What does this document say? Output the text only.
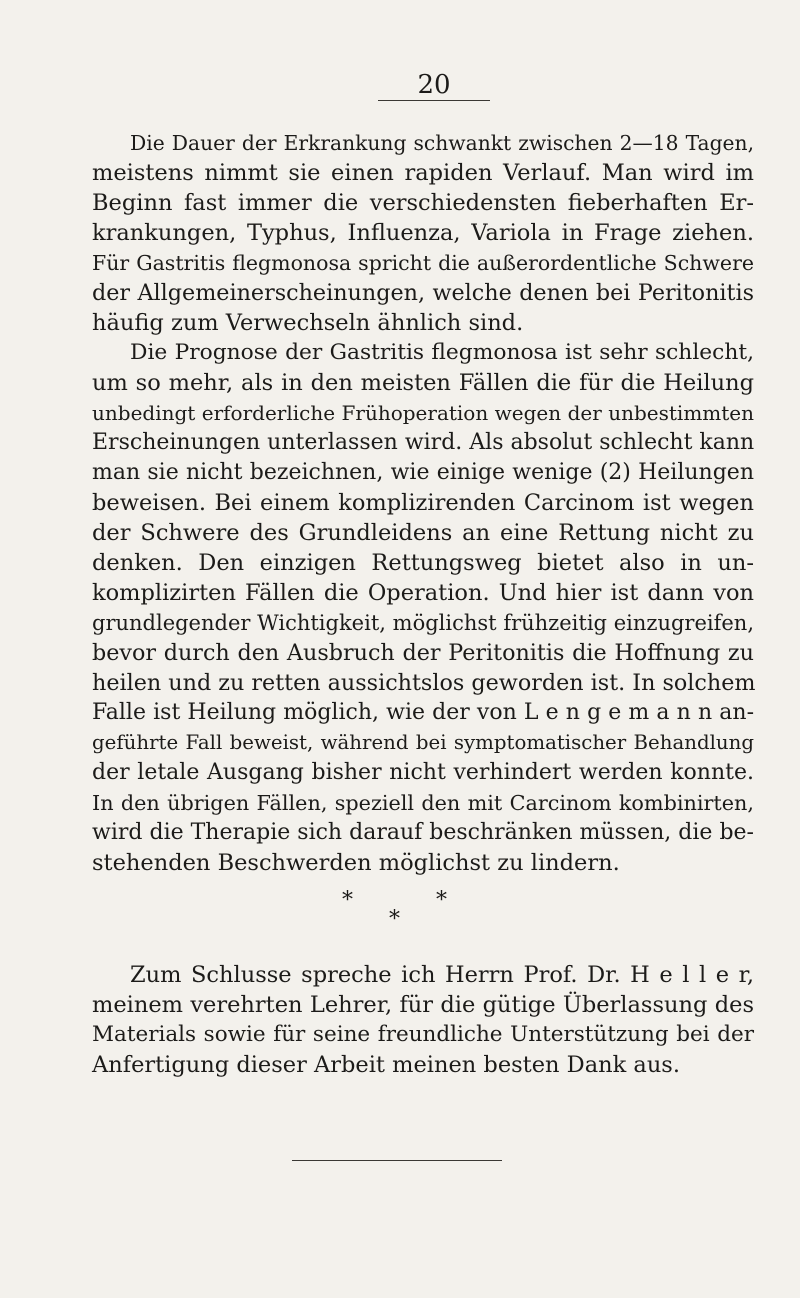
20
Die Dauer der Erkrankung schwankt zwischen 2—18 Tagen,
meistens nimmt sie einen rapiden Verlauf. Man wird im
Beginn fast immer die verschiedensten fieberhaften Er-
krankungen, Typhus, Influenza, Variola in Frage ziehen.
Für Gastritis flegmonosa spricht die außerordentliche Schwere
der Allgemeinerscheinungen, welche denen bei Peritonitis
häufig zum Verwechseln ähnlich sind.
Die Prognose der Gastritis flegmonosa ist sehr schlecht,
um so mehr, als in den meisten Fällen die für die Heilung
unbedingt erforderliche Frühoperation wegen der unbestimmten
Erscheinungen unterlassen wird. Als absolut schlecht kann
man sie nicht bezeichnen, wie einige wenige (2) Heilungen
beweisen. Bei einem komplizirenden Carcinom ist wegen
der Schwere des Grundleidens an eine Rettung nicht zu
denken. Den einzigen Rettungsweg bietet also in un-
komplizirten Fällen die Operation. Und hier ist dann von
grundlegender Wichtigkeit, möglichst frühzeitig einzugreifen,
bevor durch den Ausbruch der Peritonitis die Hoffnung zu
heilen und zu retten aussichtslos geworden ist. In solchem
Falle ist Heilung möglich, wie der von L e n g e m a n n an-
geführte Fall beweist, während bei symptomatischer Behandlung
der letale Ausgang bisher nicht verhindert werden konnte.
In den übrigen Fällen, speziell den mit Carcinom kombinirten,
wird die Therapie sich darauf beschränken müssen, die be-
stehenden Beschwerden möglichst zu lindern.
*	*
*
Zum Schlusse spreche ich Herrn Prof. Dr. H e l l e r,
meinem verehrten Lehrer, für die gütige Überlassung des
Materials sowie für seine freundliche Unterstützung bei der
Anfertigung dieser Arbeit meinen besten Dank aus.
